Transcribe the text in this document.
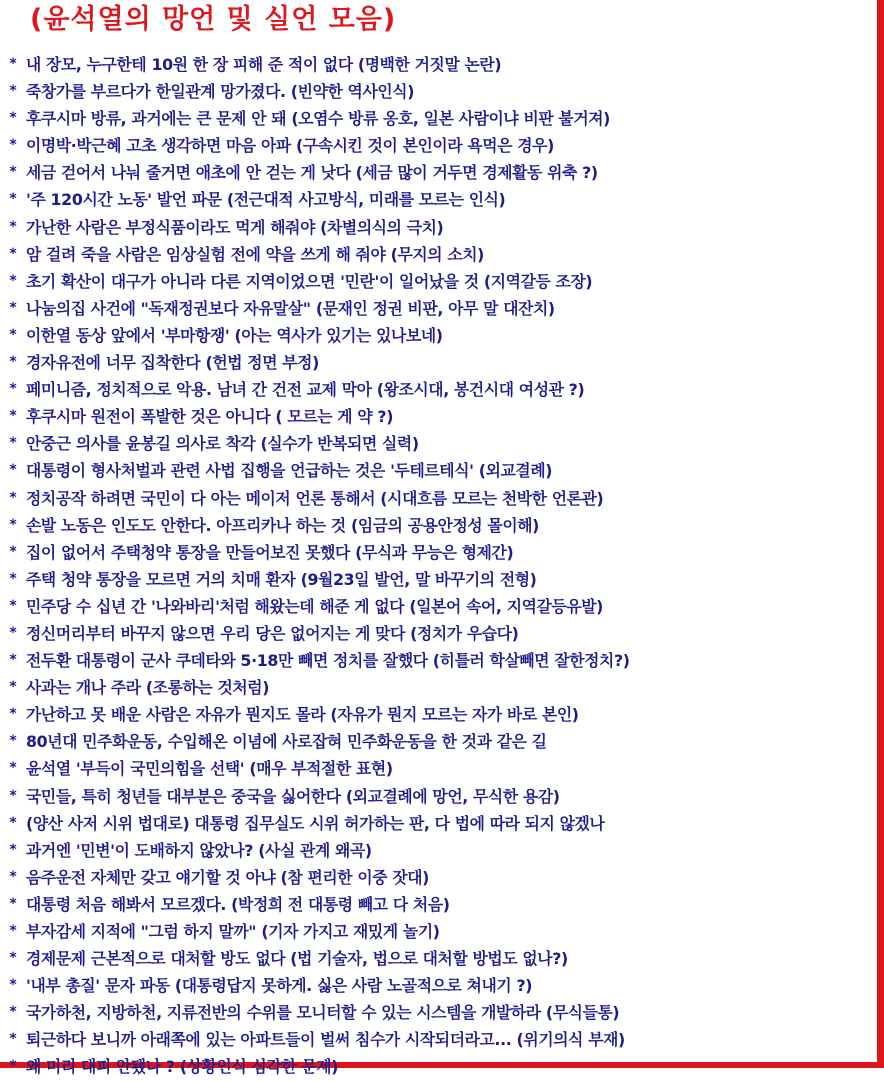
(윤석열의 망언 및 실언 모음)
* 내 장모, 누구한테 10원 한 장 피해 준 적이 없다 (명백한 거짓말 논란)
* 죽창가를 부르다가 한일관계 망가졌다. (빈약한 역사인식)
* 후쿠시마 방류, 과거에는 큰 문제 안 돼 (오염수 방류 옹호, 일본 사람이냐 비판 불거져)
* 이명박·박근혜 고초 생각하면 마음 아파 (구속시킨 것이 본인이라 욕먹은 경우)
* 세금 걷어서 나눠 줄거면 애초에 안 걷는 게 낫다 (세금 많이 거두면 경제활동 위축 ?)
* '주 120시간 노동' 발언 파문 (전근대적 사고방식, 미래를 모르는 인식)
* 가난한 사람은 부정식품이라도 먹게 해줘야 (차별의식의 극치)
* 암 걸려 죽을 사람은 임상실험 전에 약을 쓰게 해 줘야 (무지의 소치)
* 초기 확산이 대구가 아니라 다른 지역이었으면 '민란'이 일어났을 것 (지역갈등 조장)
* 나눔의집 사건에 "독재정권보다 자유말살" (문재인 정권 비판, 아무 말 대잔치)
* 이한열 동상 앞에서 '부마항쟁' (아는 역사가 있기는 있나보네)
* 경자유전에 너무 집착한다 (헌법 정면 부정)
* 페미니즘, 정치적으로 악용. 남녀 간 건전 교제 막아 (왕조시대, 봉건시대 여성관 ?)
* 후쿠시마 원전이 폭발한 것은 아니다 ( 모르는 게 약 ?)
* 안중근 의사를 윤봉길 의사로 착각 (실수가 반복되면 실력)
* 대통령이 형사처벌과 관련 사법 집행을 언급하는 것은 '두테르테식' (외교결례)
* 정치공작 하려면 국민이 다 아는 메이저 언론 통해서 (시대흐름 모르는 천박한 언론관)
* 손발 노동은 인도도 안한다. 아프리카나 하는 것 (임금의 공용안정성 몰이해)
* 집이 없어서 주택청약 통장을 만들어보진 못했다 (무식과 무능은 형제간)
* 주택 청약 통장을 모르면 거의 치매 환자 (9월23일 발언, 말 바꾸기의 전형)
* 민주당 수 십년 간 '나와바리'처럼 해왔는데 해준 게 없다 (일본어 속어, 지역갈등유발)
* 정신머리부터 바꾸지 않으면 우리 당은 없어지는 게 맞다 (정치가 우습다)
* 전두환 대통령이 군사 쿠데타와 5·18만 빼면 정치를 잘했다 (히틀러 학살빼면 잘한정치?)
* 사과는 개나 주라 (조롱하는 것처럼)
* 가난하고 못 배운 사람은 자유가 뭔지도 몰라 (자유가 뭔지 모르는 자가 바로 본인)
* 80년대 민주화운동, 수입해온 이념에 사로잡혀 민주화운동을 한 것과 같은 길
* 윤석열 '부득이 국민의힘을 선택' (매우 부적절한 표현)
* 국민들, 특히 청년들 대부분은 중국을 싫어한다 (외교결례에 망언, 무식한 용감)
* (양산 사저 시위 법대로) 대통령 집무실도 시위 허가하는 판, 다 법에 따라 되지 않겠나
* 과거엔 '민변'이 도배하지 않았나? (사실 관계 왜곡)
* 음주운전 자체만 갖고 얘기할 것 아냐 (참 편리한 이중 잣대)
* 대통령 처음 해봐서 모르겠다. (박정희 전 대통령 빼고 다 처음)
* 부자감세 지적에 "그럼 하지 말까" (기자 가지고 재밌게 놀기)
* 경제문제 근본적으로 대처할 방도 없다 (법 기술자, 법으로 대처할 방법도 없나?)
* '내부 총질' 문자 파동 (대통령답지 못하게. 싫은 사람 노골적으로 쳐내기 ?)
* 국가하천, 지방하천, 지류전반의 수위를 모니터할 수 있는 시스템을 개발하라 (무식들통)
* 퇴근하다 보니까 아래쪽에 있는 아파트들이 벌써 침수가 시작되더라고... (위기의식 부재)
* 왜 미리 대피 안됐나 ? (상황인식 심각한 문제)
